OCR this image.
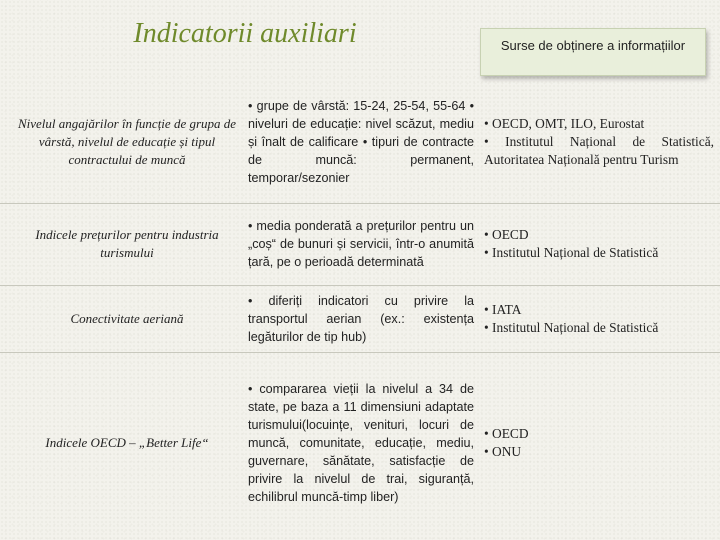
Indicatorii auxiliari	Surse de obținere a informațiilor
Nivelul angajărilor în funcție de grupa de vârstă, nivelul de educație și tipul contractului de muncă

• grupe de vârstă: 15-24, 25-54, 55-64 • niveluri de educație: nivel scăzut, mediu și înalt de calificare • tipuri de contracte de muncă: permanent, temporar/sezonier

• OECD, OMT, ILO, Eurostat
• Institutul Național de Statistică, Autoritatea Națională pentru Turism
Indicele prețurilor pentru industria turismului

• media ponderată a prețurilor pentru un „coș“ de bunuri și servicii, într-o anumită țară, pe o perioadă determinată

• OECD
• Institutul Național de Statistică
Conectivitate aeriană

• diferiți indicatori cu privire la transportul aerian (ex.: existența legăturilor de tip hub)

• IATA
• Institutul Național de Statistică
Indicele OECD – „Better Life“

• compararea vieții la nivelul a 34 de state, pe baza a 11 dimensiuni adaptate turismului(locuințe, venituri, locuri de muncă, comunitate, educație, mediu, guvernare, sănătate, satisfacție de privire la nivelul de trai, siguranță, echilibrul muncă-timp liber)

• OECD
• ONU
